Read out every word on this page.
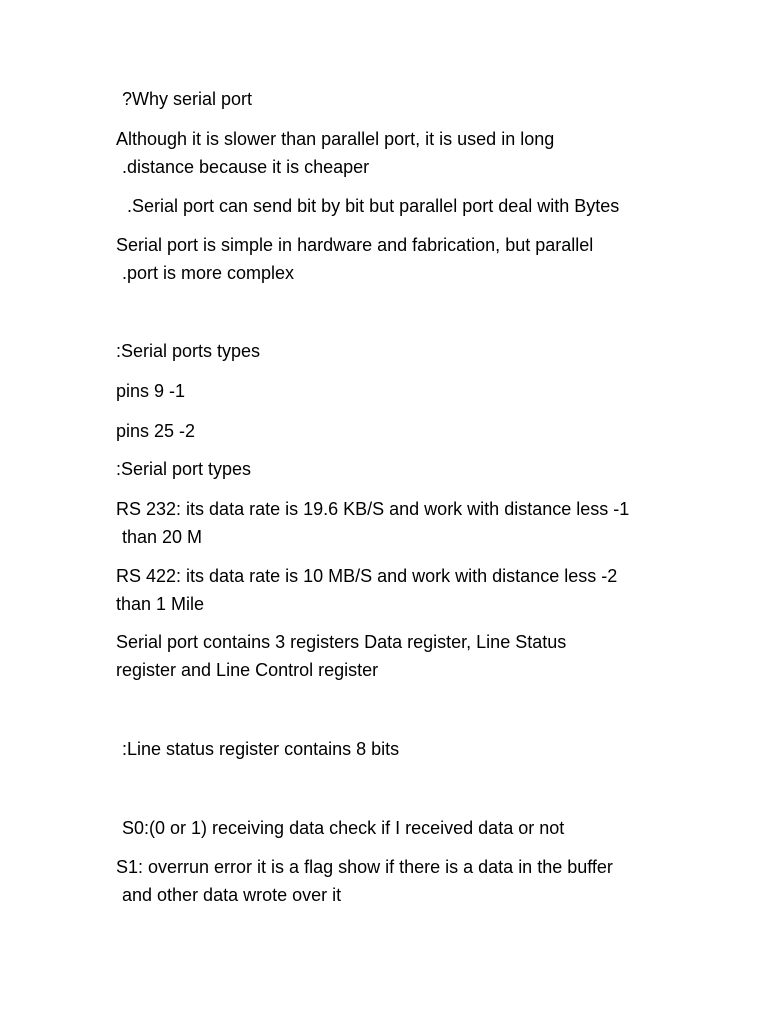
?Why serial port
Although it is slower than parallel port, it is used in long
.distance because it is cheaper
.Serial port can send bit by bit but parallel port deal with Bytes
Serial port is simple in hardware and fabrication, but parallel
.port is more complex
:Serial ports types
pins 9 -1
pins 25 -2
:Serial port types
RS 232: its data rate is 19.6 KB/S and work with distance less -1
than 20 M
RS 422: its data rate is 10 MB/S and work with distance less -2
than 1 Mile
Serial port contains 3 registers Data register, Line Status
register and Line Control register
:Line status register contains 8 bits
S0:(0 or 1) receiving data check if I received data or not
S1: overrun error it is a flag show if there is a data in the buffer
and other data wrote over it
